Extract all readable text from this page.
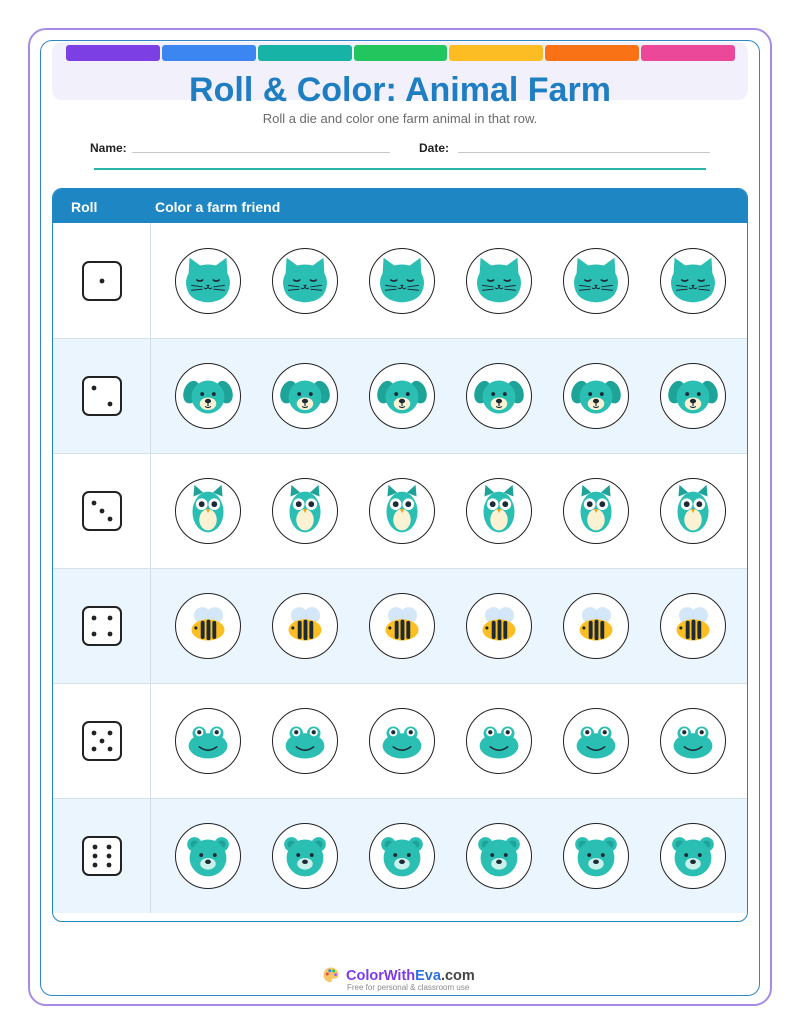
Roll & Color: Animal Farm
Roll a die and color one farm animal in that row.
Name:	Date:
Roll	Color a farm friend
ColorWithEva.com
Free for personal & classroom use
